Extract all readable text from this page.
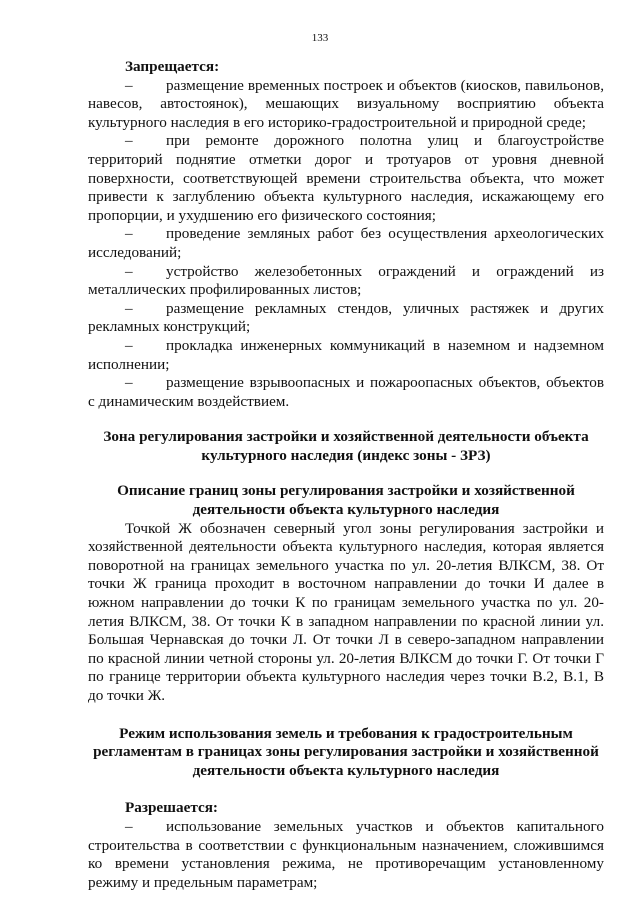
133
Запрещается:
– размещение временных построек и объектов (киосков, павильонов, навесов, автостоянок), мешающих визуальному восприятию объекта культурного наследия в его историко-градостроительной и природной среде;
– при ремонте дорожного полотна улиц и благоустройстве территорий поднятие отметки дорог и тротуаров от уровня дневной поверхности, соответствующей времени строительства объекта, что может привести к заглублению объекта культурного наследия, искажающему его пропорции, и ухудшению его физического состояния;
– проведение земляных работ без осуществления археологических исследований;
– устройство железобетонных ограждений и ограждений из металлических профилированных листов;
– размещение рекламных стендов, уличных растяжек и других рекламных конструкций;
– прокладка инженерных коммуникаций в наземном и надземном исполнении;
– размещение взрывоопасных и пожароопасных объектов, объектов с динамическим воздействием.
Зона регулирования застройки и хозяйственной деятельности объекта культурного наследия (индекс зоны - ЗРЗ)
Описание границ зоны регулирования застройки и хозяйственной деятельности объекта культурного наследия
Точкой Ж обозначен северный угол зоны регулирования застройки и хозяйственной деятельности объекта культурного наследия, которая является поворотной на границах земельного участка по ул. 20-летия ВЛКСМ, 38. От точки Ж граница проходит в восточном направлении до точки И далее в южном направлении до точки К по границам земельного участка по ул. 20-летия ВЛКСМ, 38. От точки К в западном направлении по красной линии ул. Большая Чернавская до точки Л. От точки Л в северо-западном направлении по красной линии четной стороны ул. 20-летия ВЛКСМ до точки Г. От точки Г по границе территории объекта культурного наследия через точки В.2, В.1, В до точки Ж.
Режим использования земель и требования к градостроительным регламентам в границах зоны регулирования застройки и хозяйственной деятельности объекта культурного наследия
Разрешается:
– использование земельных участков и объектов капитального строительства в соответствии с функциональным назначением, сложившимся ко времени установления режима, не противоречащим установленному режиму и предельным параметрам;
